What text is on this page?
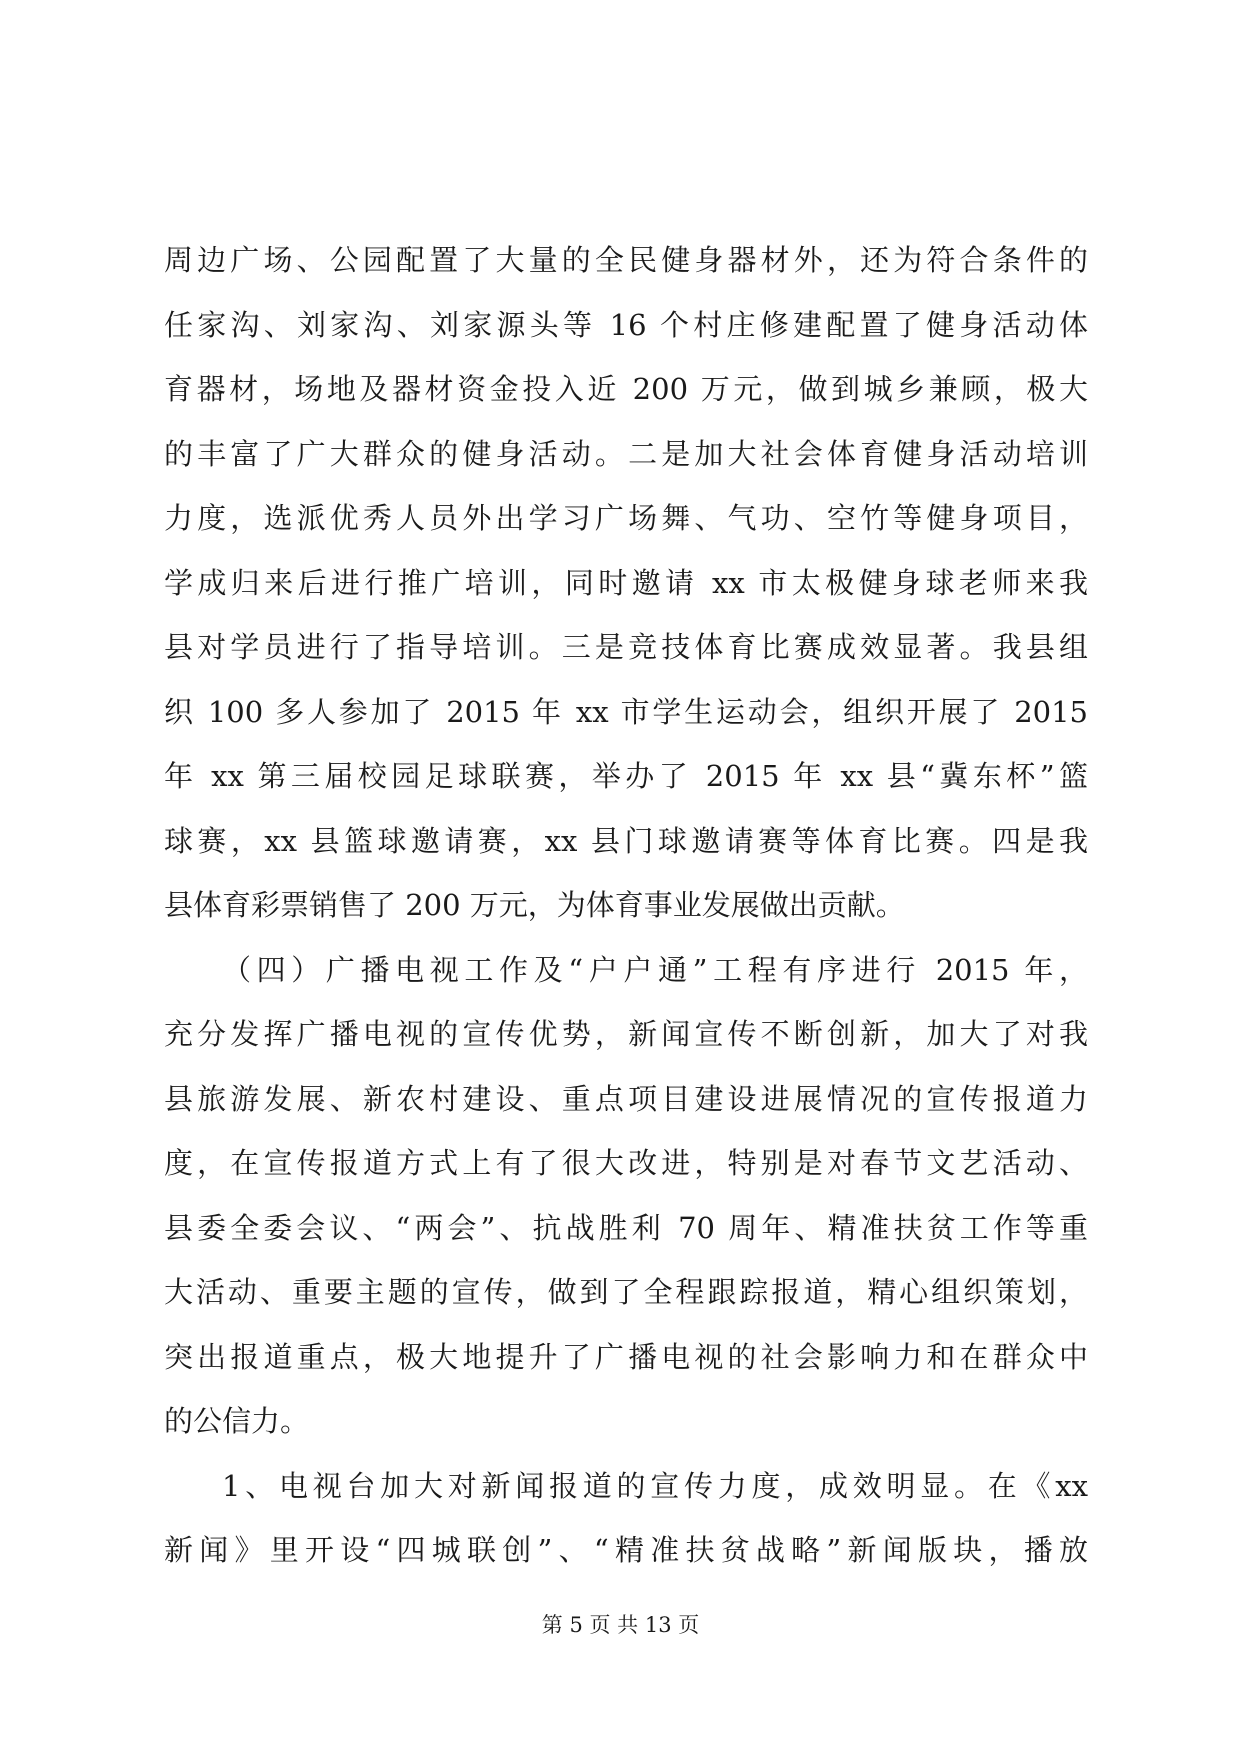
周边广场、公园配置了大量的全民健身器材外，还为符合条件的
任家沟、刘家沟、刘家源头等 16 个村庄修建配置了健身活动体
育器材，场地及器材资金投入近 200 万元，做到城乡兼顾，极大
的丰富了广大群众的健身活动。二是加大社会体育健身活动培训
力度，选派优秀人员外出学习广场舞、气功、空竹等健身项目，
学成归来后进行推广培训，同时邀请 xx 市太极健身球老师来我
县对学员进行了指导培训。三是竞技体育比赛成效显著。我县组
织 100 多人参加了 2015 年 xx 市学生运动会，组织开展了 2015
年 xx 第三届校园足球联赛，举办了 2015 年 xx 县“冀东杯”篮
球赛，xx 县篮球邀请赛，xx 县门球邀请赛等体育比赛。四是我
县体育彩票销售了 200 万元，为体育事业发展做出贡献。
（四）广播电视工作及“户户通”工程有序进行 2015 年，
充分发挥广播电视的宣传优势，新闻宣传不断创新，加大了对我
县旅游发展、新农村建设、重点项目建设进展情况的宣传报道力
度，在宣传报道方式上有了很大改进，特别是对春节文艺活动、
县委全委会议、“两会”、抗战胜利 70 周年、精准扶贫工作等重
大活动、重要主题的宣传，做到了全程跟踪报道，精心组织策划，
突出报道重点，极大地提升了广播电视的社会影响力和在群众中
的公信力。
1、电视台加大对新闻报道的宣传力度，成效明显。在《xx
新闻》里开设“四城联创”、“精准扶贫战略”新闻版块，播放
第 5 页 共 13 页
